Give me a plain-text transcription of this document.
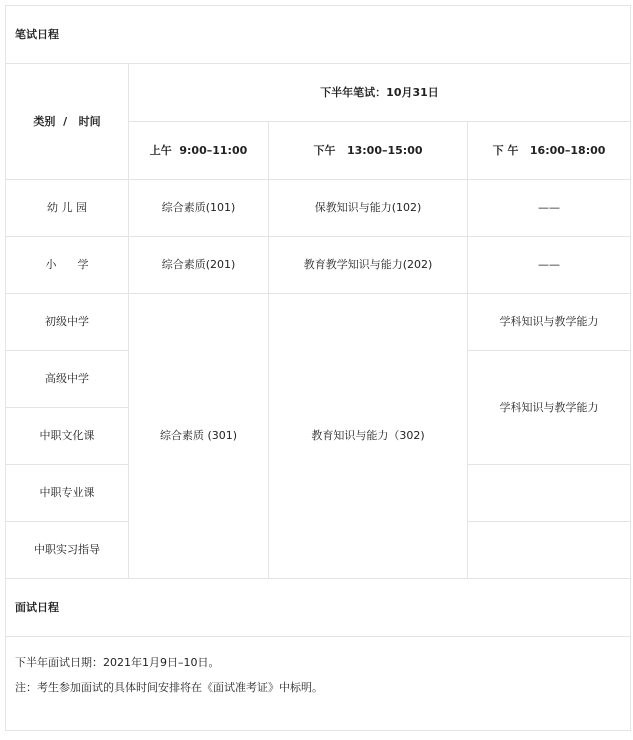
笔试日程			
类别  /   时间	下半年笔试：10月31日		
	上午  9:00–11:00	下午   13:00–15:00	下 午   16:00–18:00
幼 儿 园	综合素质(101)	保教知识与能力(102)	——
小      学	综合素质(201)	教育教学知识与能力(202)	——
初级中学	综合素质 (301)	教育知识与能力（302)	学科知识与教学能力
高级中学			学科知识与教学能力
中职文化课			
中职专业课			
中职实习指导			
面试日程			

下半年面试日期：2021年1月9日–10日。
注：考生参加面试的具体时间安排将在《面试准考证》中标明。			
